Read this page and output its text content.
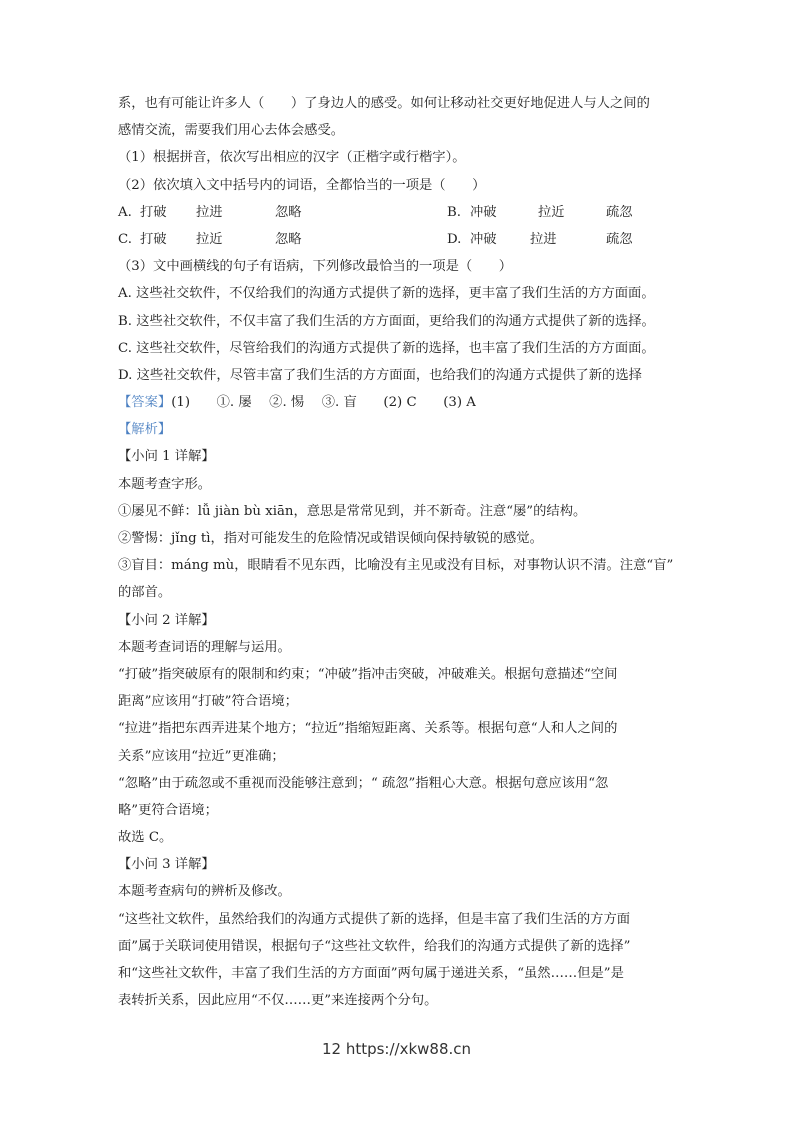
系，也有可能让许多人（　　）了身边人的感受。如何让移动社交更好地促进人与人之间的
感情交流，需要我们用心去体会感受。
（1）根据拼音，依次写出相应的汉字（正楷字或行楷字）。
（2）依次填入文中括号内的词语，全都恰当的一项是（　　）
A. 打破 拉进	忽略	B. 冲破	拉近	疏忽
C. 打破 拉近	忽略	D. 冲破	拉进	疏忽
（3）文中画横线的句子有语病，下列修改最恰当的一项是（　　）
A. 这些社交软件，不仅给我们的沟通方式提供了新的选择，更丰富了我们生活的方方面面。
B. 这些社交软件，不仅丰富了我们生活的方方面面，更给我们的沟通方式提供了新的选择。
C. 这些社交软件，尽管给我们的沟通方式提供了新的选择，也丰富了我们生活的方方面面。
D. 这些社交软件，尽管丰富了我们生活的方方面面，也给我们的沟通方式提供了新的选择
【答案】(1)　　①. 屡　 ②. 惕　 ③. 盲　　(2) C　　(3) A
【解析】
【小问 1 详解】
本题考查字形。
①屡见不鲜：lǚ jiàn bù xiān，意思是常常见到，并不新奇。注意“屡”的结构。
②警惕：jǐng tì，指对可能发生的危险情况或错误倾向保持敏锐的感觉。
③盲目：máng mù，眼睛看不见东西，比喻没有主见或没有目标，对事物认识不清。注意“盲”
的部首。
【小问 2 详解】
本题考查词语的理解与运用。
“打破”指突破原有的限制和约束；“冲破”指冲击突破，冲破难关。根据句意描述“空间
距离”应该用“打破”符合语境；
“拉进”指把东西弄进某个地方；“拉近”指缩短距离、关系等。根据句意“人和人之间的
关系”应该用“拉近”更准确；
“忽略”由于疏忽或不重视而没能够注意到；“ 疏忽”指粗心大意。根据句意应该用“忽
略”更符合语境；
故选 C。
【小问 3 详解】
本题考查病句的辨析及修改。
“这些社文软件，虽然给我们的沟通方式提供了新的选择，但是丰富了我们生活的方方面
面”属于关联词使用错误，根据句子“这些社文软件，给我们的沟通方式提供了新的选择”
和“这些社文软件，丰富了我们生活的方方面面”两句属于递进关系，“虽然……但是”是
表转折关系，因此应用“不仅……更”来连接两个分句。
12 https://xkw88.cn
